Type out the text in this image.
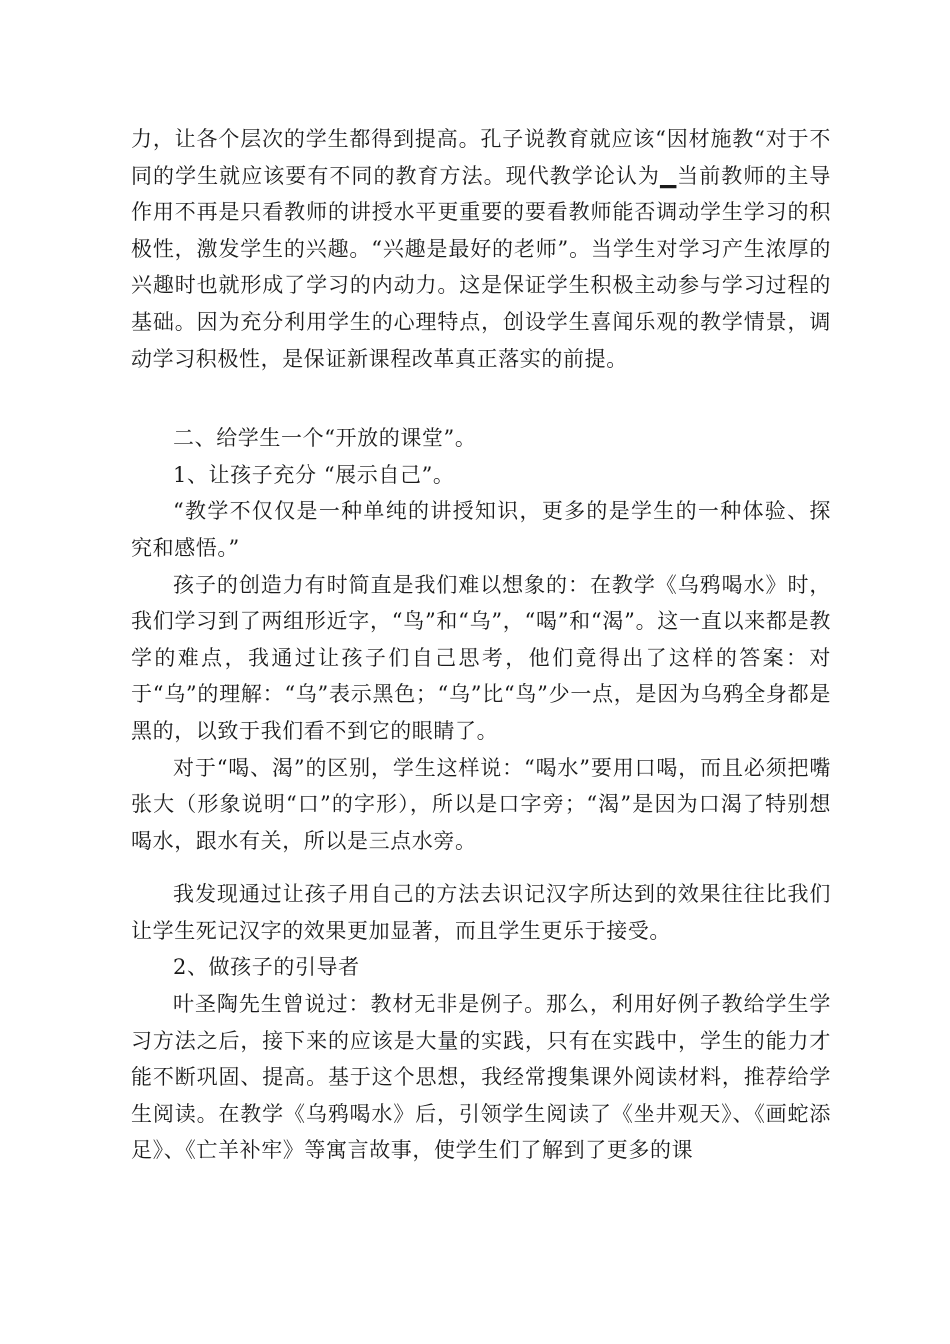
力，让各个层次的学生都得到提高。孔子说教育就应该“因材施教“对于不同的学生就应该要有不同的教育方法。现代教学论认为▁当前教师的主导作用不再是只看教师的讲授水平更重要的要看教师能否调动学生学习的积极性，激发学生的兴趣。“兴趣是最好的老师”。当学生对学习产生浓厚的兴趣时也就形成了学习的内动力。这是保证学生积极主动参与学习过程的基础。因为充分利用学生的心理特点，创设学生喜闻乐观的教学情景，调动学习积极性，是保证新课程改革真正落实的前提。

二、给学生一个“开放的课堂”。

1、让孩子充分 “展示自己”。

“教学不仅仅是一种单纯的讲授知识，更多的是学生的一种体验、探究和感悟。”

孩子的创造力有时简直是我们难以想象的：在教学《乌鸦喝水》时，我们学习到了两组形近字，“鸟”和“乌”，“喝”和“渴”。这一直以来都是教学的难点，我通过让孩子们自己思考，他们竟得出了这样的答案：对于“乌”的理解：“乌”表示黑色；“乌”比“鸟”少一点，是因为乌鸦全身都是黑的，以致于我们看不到它的眼睛了。

对于“喝、渴”的区别，学生这样说：“喝水”要用口喝，而且必须把嘴张大（形象说明“口”的字形），所以是口字旁；“渴”是因为口渴了特别想喝水，跟水有关，所以是三点水旁。

我发现通过让孩子用自己的方法去识记汉字所达到的效果往往比我们让学生死记汉字的效果更加显著，而且学生更乐于接受。

2、做孩子的引导者

叶圣陶先生曾说过：教材无非是例子。那么，利用好例子教给学生学习方法之后，接下来的应该是大量的实践，只有在实践中，学生的能力才能不断巩固、提高。基于这个思想，我经常搜集课外阅读材料，推荐给学生阅读。在教学《乌鸦喝水》后，引领学生阅读了《坐井观天》、《画蛇添足》、《亡羊补牢》等寓言故事，使学生们了解到了更多的课
